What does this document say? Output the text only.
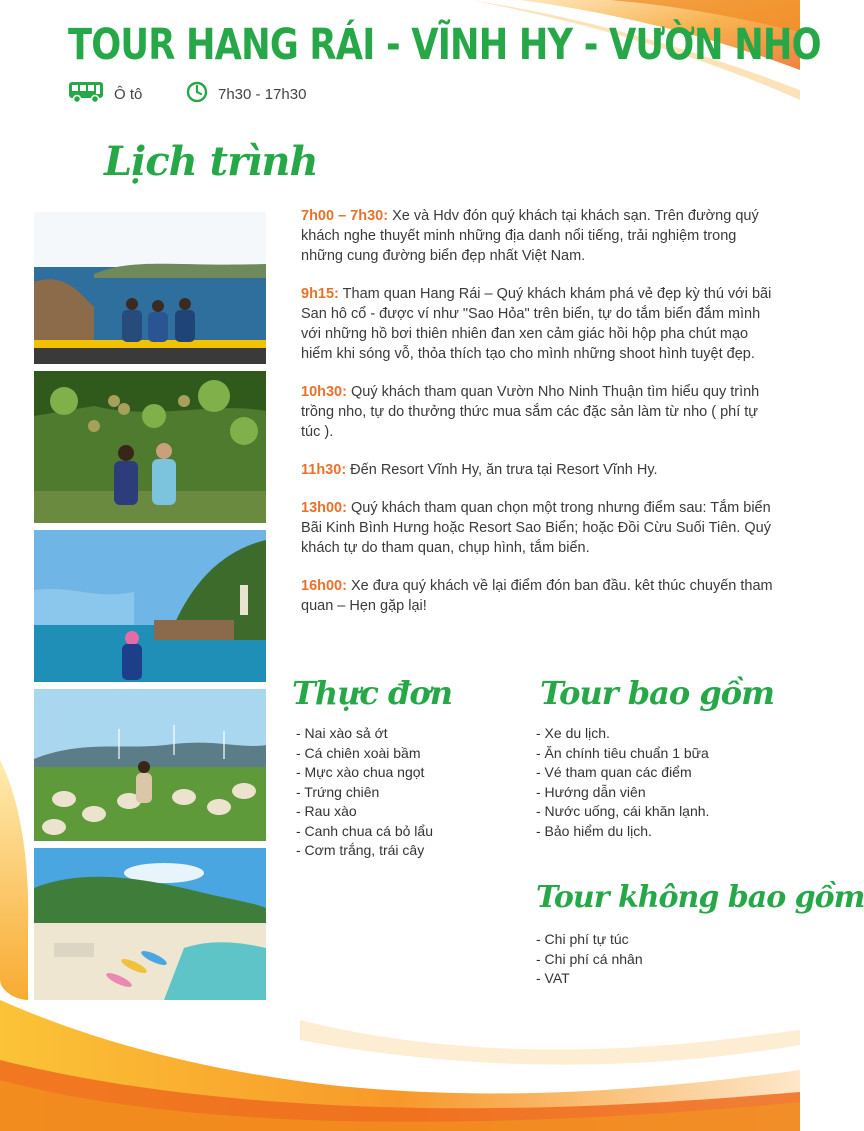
TOUR HANG RÁI - VĨNH HY - VƯỜN NHO
Ô tô	7h30 - 17h30
Lịch trình

7h00 – 7h30: Xe và Hdv đón quý khách tại khách sạn. Trên đường quý khách nghe thuyết minh những địa danh nổi tiếng, trải nghiệm trong những cung đường biển đẹp nhất Việt Nam.

9h15: Tham quan Hang Rái – Quý khách khám phá vẻ đẹp kỳ thú với bãi San hô cổ - được ví như "Sao Hỏa" trên biển, tự do tắm biển đắm mình với những hồ bơi thiên nhiên đan xen cảm giác hồi hộp pha chút mạo hiểm khi sóng vỗ, thỏa thích tạo cho mình những shoot hình tuyệt đẹp.

10h30: Quý khách tham quan Vườn Nho Ninh Thuận tìm hiểu quy trình trồng nho, tự do thưởng thức mua sắm các đặc sản làm từ nho ( phí tự túc ).

11h30: Đến Resort Vĩnh Hy, ăn trưa tại Resort Vĩnh Hy.

13h00: Quý khách tham quan chọn một trong nhưng điểm sau: Tắm biển Bãi Kinh Bình Hưng hoặc Resort Sao Biển; hoặc Đồi Cừu Suối Tiên. Quý khách tự do tham quan, chụp hình, tắm biển.

16h00: Xe đưa quý khách về lại điểm đón ban đầu. kêt thúc chuyến tham quan – Hẹn gặp lại!

Thực đơn
- Nai xào sả ớt
- Cá chiên xoài bầm
- Mực xào chua ngọt
- Trứng chiên
- Rau xào
- Canh chua cá bỏ lẩu
- Cơm trắng, trái cây
Tour bao gồm
- Xe du lịch.
- Ăn chính tiêu chuẩn 1 bữa
- Vé tham quan các điểm
- Hướng dẫn viên
- Nước uống, cái khăn lạnh.
- Bảo hiểm du lịch.
Tour không bao gồm
- Chi phí tự túc
- Chi phí cá nhân
- VAT
